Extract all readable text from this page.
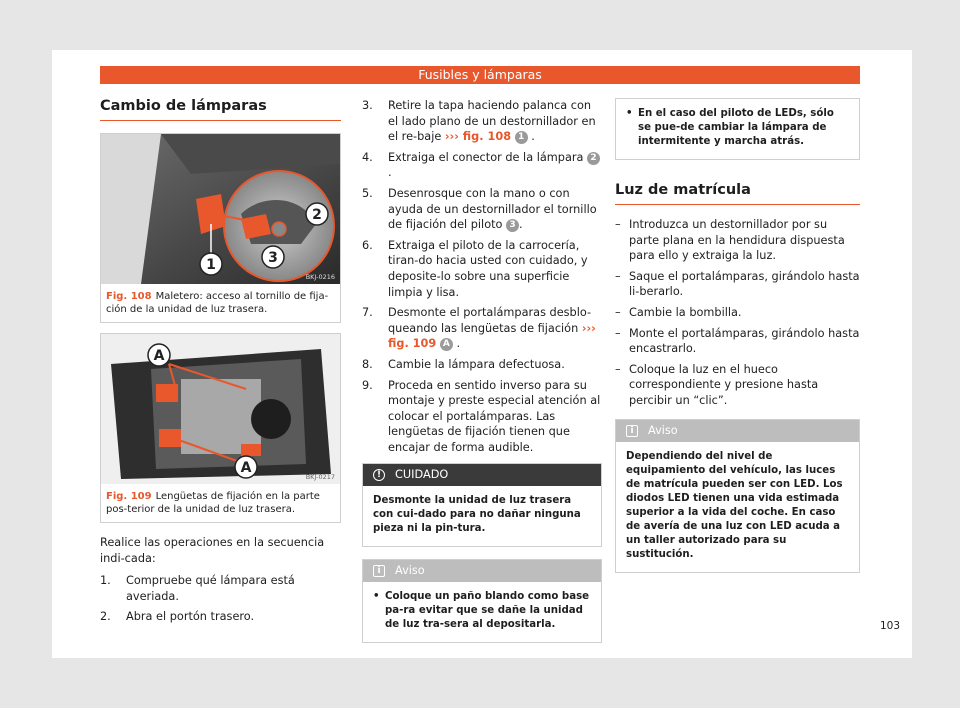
Fusibles y lámparas
Cambio de lámparas
1
2
3
BKJ-0216
Fig. 108 Maletero: acceso al tornillo de fija-ción de la unidad de luz trasera.
A
A
BKJ-0217
Fig. 109 Lengüetas de fijación en la parte pos-terior de la unidad de luz trasera.

Realice las operaciones en la secuencia indi-cada:

1.	Compruebe qué lámpara está averiada.
2.	Abra el portón trasero.
3.	Retire la tapa haciendo palanca con el lado plano de un destornillador en el re-baje ››› fig. 108 1 .
4.	Extraiga el conector de la lámpara 2.
5.	Desenrosque con la mano o con ayuda de un destornillador el tornillo de fijación del piloto 3 .
6.	Extraiga el piloto de la carrocería, tiran-do hacia usted con cuidado, y deposite-lo sobre una superficie limpia y lisa.
7.	Desmonte el portalámparas desblo-queando las lengüetas de fijación ››› fig. 109 A .
8.	Cambie la lámpara defectuosa.
9.	Proceda en sentido inverso para su montaje y preste especial atención al colocar el portalámparas. Las lengüetas de fijación tienen que encajar de forma audible.
!	CUIDADO
Desmonte la unidad de luz trasera con cui-dado para no dañar ninguna pieza ni la pin-tura.
i	Aviso
• Coloque un paño blando como base pa-ra evitar que se dañe la unidad de luz tra-sera al depositarla.
• En el caso del piloto de LEDs, sólo se pue-de cambiar la lámpara de intermitente y marcha atrás.
Luz de matrícula
– Introduzca un destornillador por su parte plana en la hendidura dispuesta para ello y extraiga la luz.
– Saque el portalámparas, girándolo hasta li-berarlo.
– Cambie la bombilla.
– Monte el portalámparas, girándolo hasta encastrarlo.
– Coloque la luz en el hueco correspondiente y presione hasta percibir un “clic”.
i	Aviso
Dependiendo del nivel de equipamiento del vehículo, las luces de matrícula pueden ser con LED. Los diodos LED tienen una vida estimada superior a la vida del coche. En caso de avería de una luz con LED acuda a un taller autorizado para su sustitución.
103
